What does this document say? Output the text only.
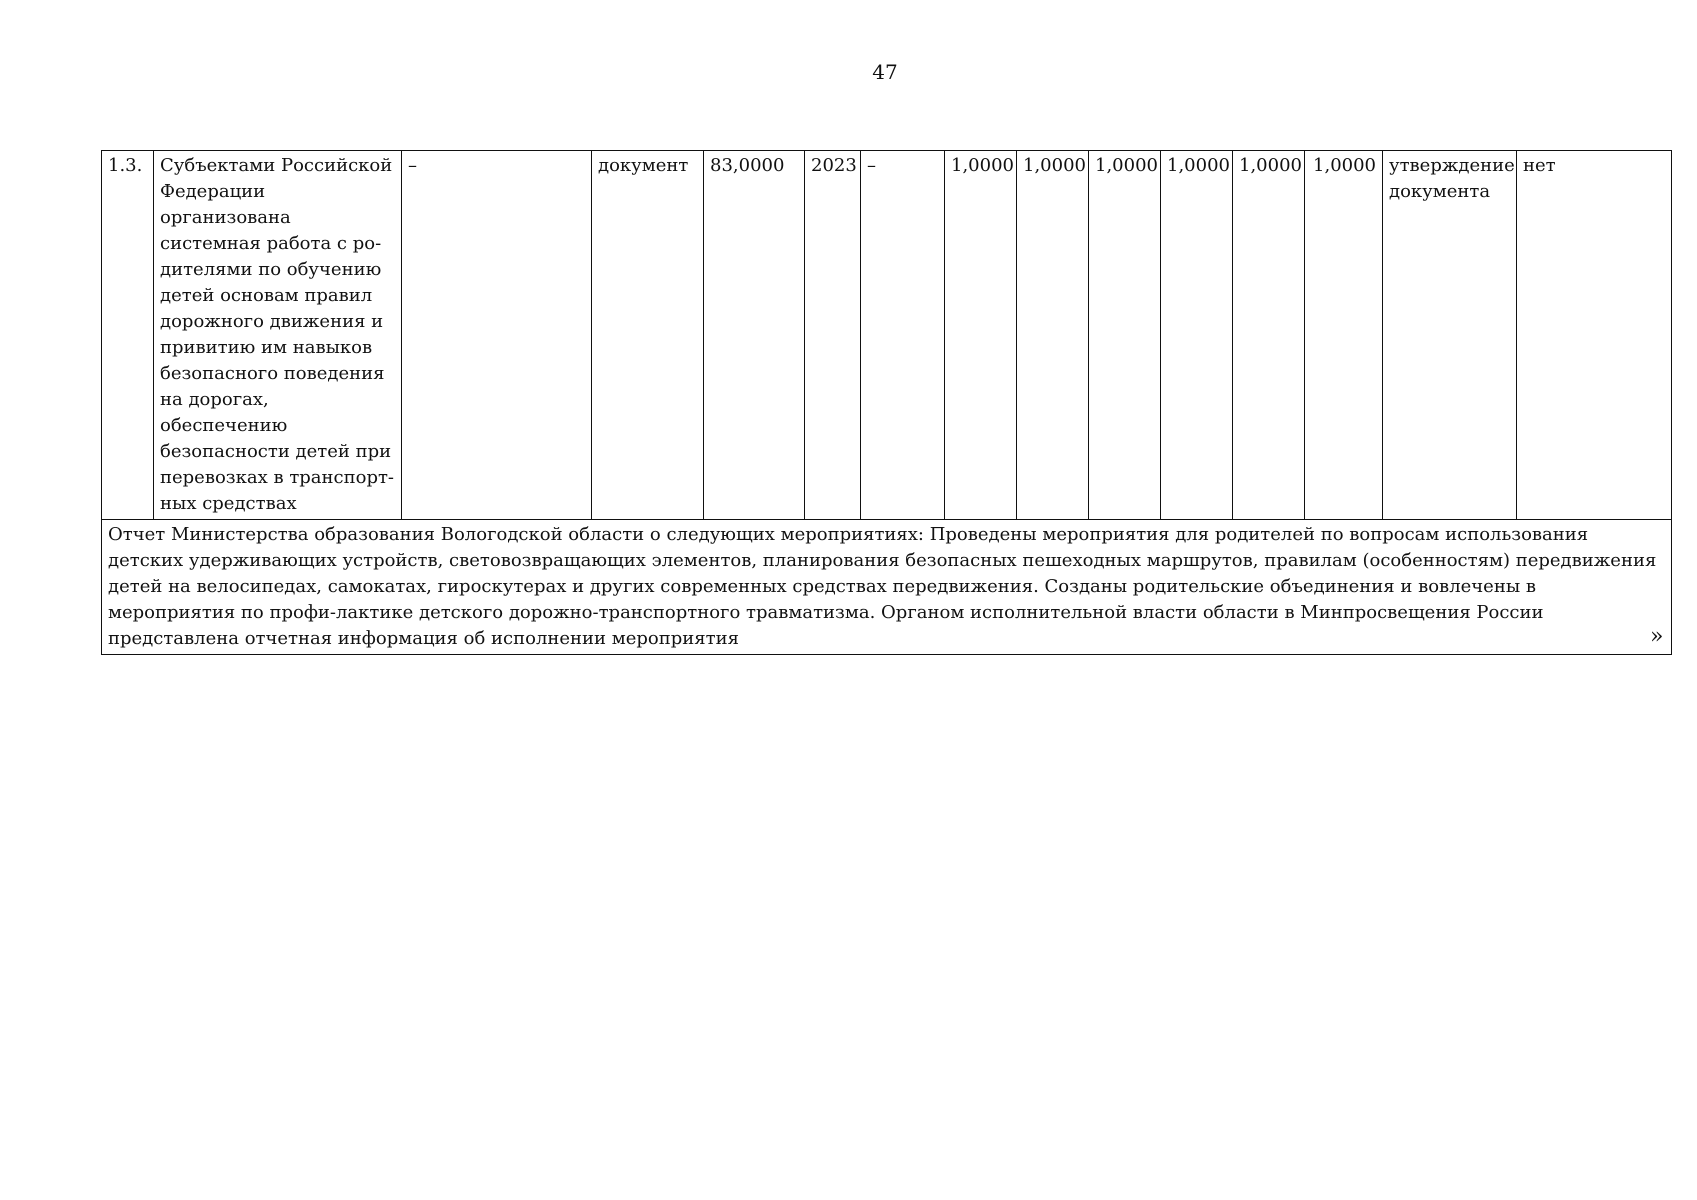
47
1.3.	Субъектами Российской Федерации организована системная работа с ро-дителями по обучению детей основам правил дорожного движения и привитию им навыков безопасного поведения на дорогах, обеспечению безопасности детей при перевозках в транспорт-ных средствах	–	документ	83,0000	2023	–	1,0000	1,0000	1,0000	1,0000	1,0000	1,0000	утверждение документа	нет
Отчет Министерства образования Вологодской области о следующих мероприятиях: Проведены мероприятия для родителей по вопросам использования детских удерживающих устройств, световозвращающих элементов, планирования безопасных пешеходных маршрутов, правилам (особенностям) передвижения детей на велосипедах, самокатах, гироскутерах и других современных средствах передвижения. Созданы родительские объединения и вовлечены в мероприятия по профи-лактике детского дорожно-транспортного травматизма. Органом исполнительной власти области в Минпросвещения России представлена отчетная информация об исполнении мероприятия	»
